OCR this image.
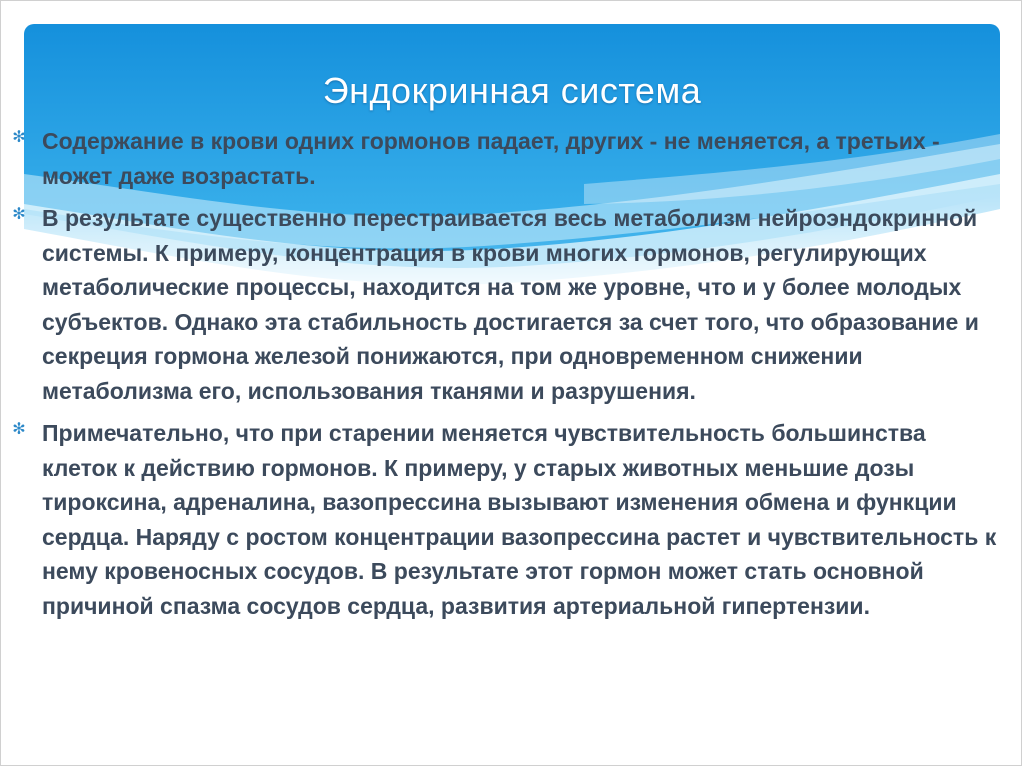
Эндокринная система
✻ Содержание в крови одних гормонов падает, других - не меняется, а третьих - может даже возрастать.
✻ В результате существенно перестраивается весь метаболизм нейроэндокринной системы. К примеру, концентрация в крови многих гормонов, регулирующих метаболические процессы, находится на том же уровне, что и у более молодых субъектов. Однако эта стабильность достигается за счет того, что образование и секреция гормона железой понижаются, при одновременном снижении метаболизма его, использования тканями и разрушения.
✻ Примечательно, что при старении меняется чувствительность большинства клеток к действию гормонов. К примеру, у старых животных меньшие дозы тироксина, адреналина, вазопрессина вызывают изменения обмена и функции сердца. Наряду с ростом концентрации вазопрессина растет и чувствительность к нему кровеносных сосудов. В результате этот гормон может стать основной причиной спазма сосудов сердца, развития артериальной гипертензии.
